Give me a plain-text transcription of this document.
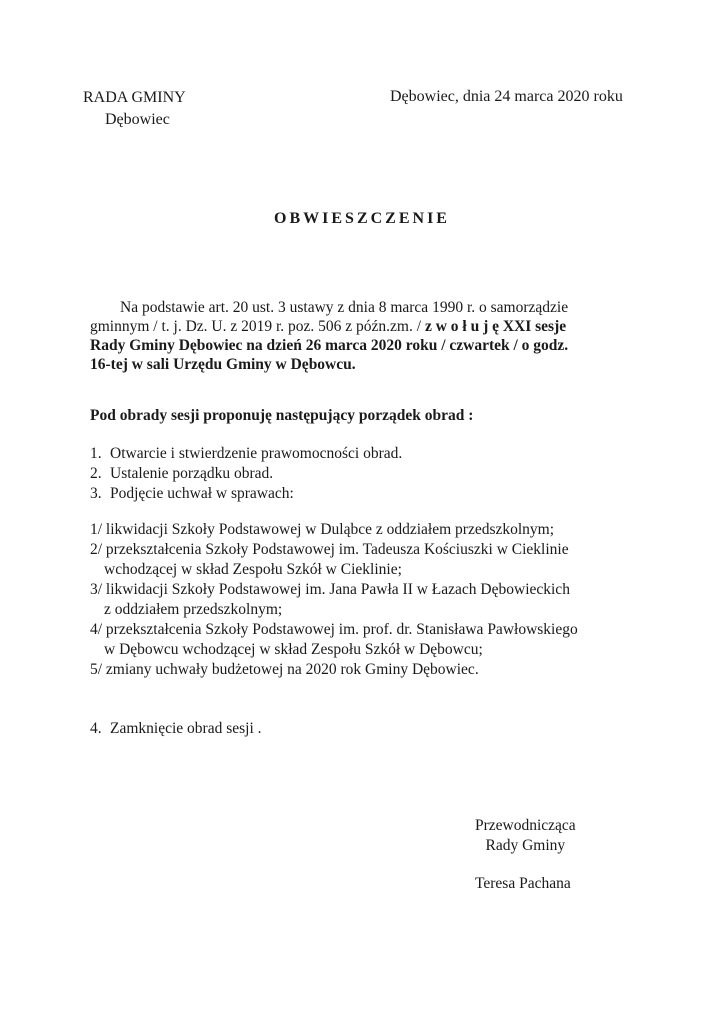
RADA GMINY
Dębowiec
Dębowiec, dnia 24 marca 2020 roku
OBWIESZCZENIE
Na podstawie art. 20 ust. 3 ustawy z dnia 8 marca 1990 r. o samorządzie
gminnym / t. j. Dz. U. z 2019 r. poz. 506 z późn.zm. / z w o ł u j ę XXI sesje
Rady Gminy Dębowiec na dzień 26 marca 2020 roku / czwartek / o godz.
16-tej w sali Urzędu Gminy w Dębowcu.
Pod obrady sesji proponuję następujący porządek obrad :
1. Otwarcie i stwierdzenie prawomocności obrad.
2. Ustalenie porządku obrad.
3. Podjęcie uchwał w sprawach:
1/ likwidacji Szkoły Podstawowej w Duląbce z oddziałem przedszkolnym;
2/ przekształcenia Szkoły Podstawowej im. Tadeusza Kościuszki w Cieklinie
wchodzącej w skład Zespołu Szkół w Cieklinie;
3/ likwidacji Szkoły Podstawowej im. Jana Pawła II w Łazach Dębowieckich
z oddziałem przedszkolnym;
4/ przekształcenia Szkoły Podstawowej im. prof. dr. Stanisława Pawłowskiego
w Dębowcu wchodzącej w skład Zespołu Szkół w Dębowcu;
5/ zmiany uchwały budżetowej na 2020 rok Gminy Dębowiec.
4. Zamknięcie obrad sesji .
Przewodnicząca
Rady Gminy
Teresa Pachana
